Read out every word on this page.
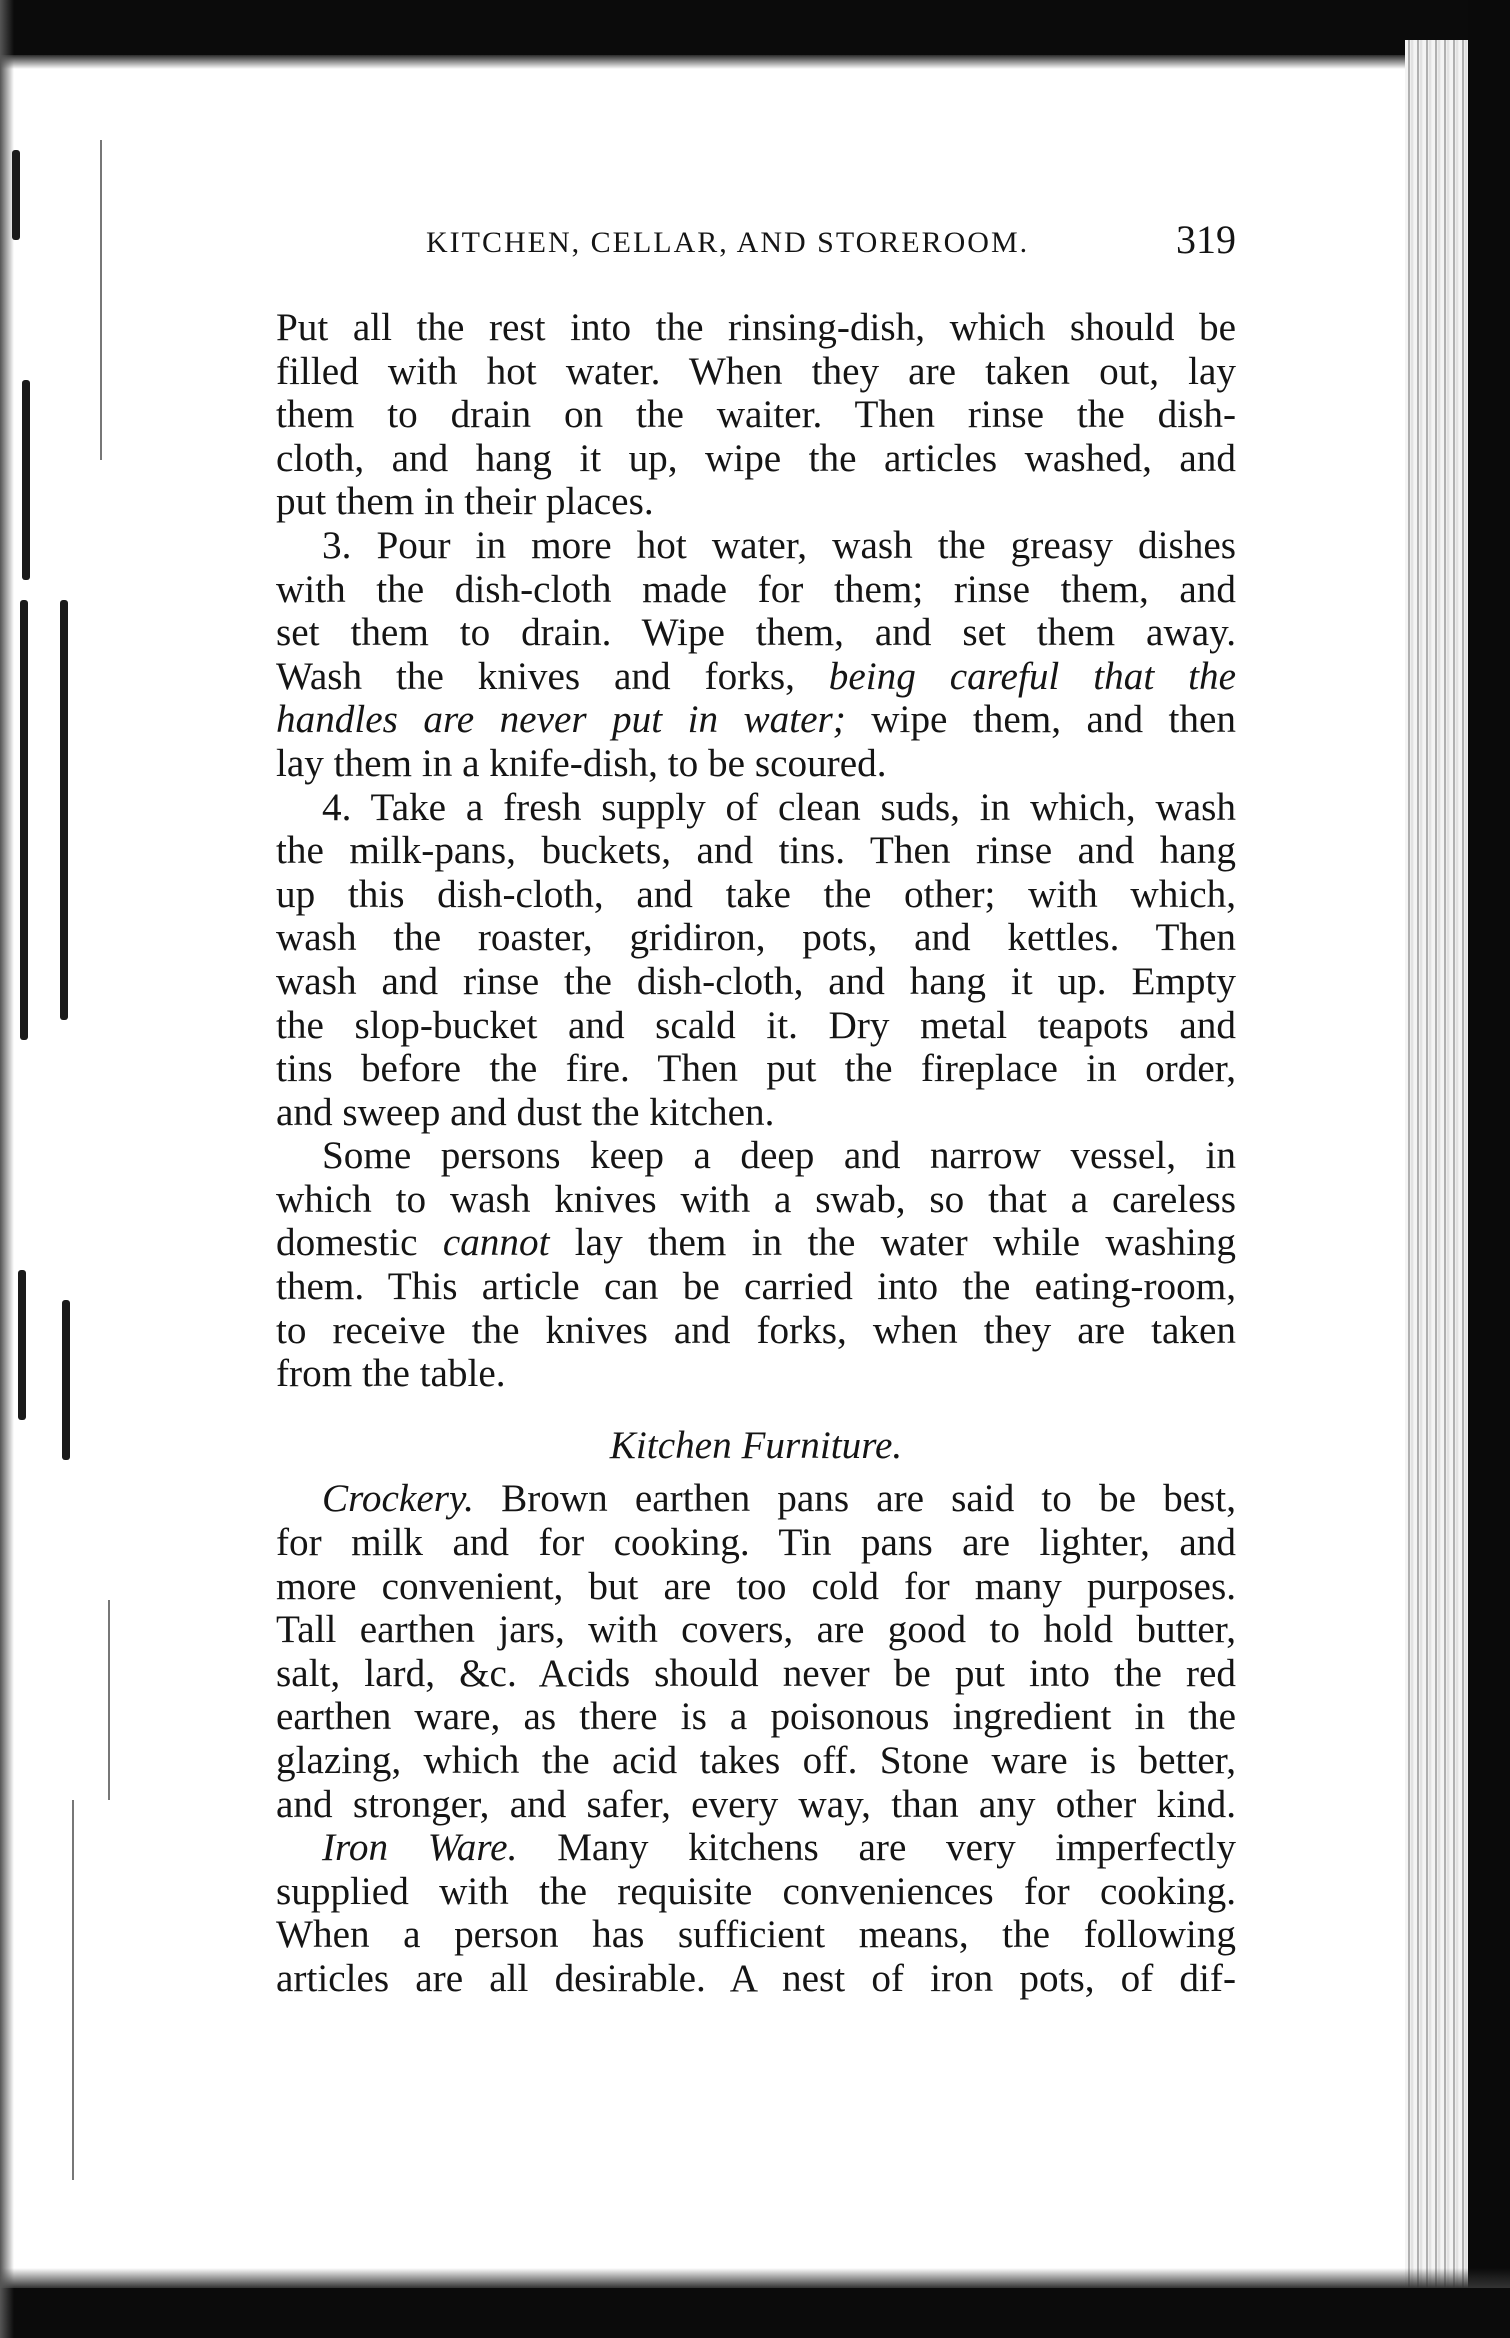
KITCHEN, CELLAR, AND STOREROOM.	319
Put all the rest into the rinsing-dish, which should be
filled with hot water. When they are taken out, lay
them to drain on the waiter. Then rinse the dish-
cloth, and hang it up, wipe the articles washed, and
put them in their places.
3. Pour in more hot water, wash the greasy dishes
with the dish-cloth made for them; rinse them, and
set them to drain. Wipe them, and set them away.
Wash the knives and forks, being careful that the
handles are never put in water; wipe them, and then
lay them in a knife-dish, to be scoured.
4. Take a fresh supply of clean suds, in which, wash
the milk-pans, buckets, and tins. Then rinse and hang
up this dish-cloth, and take the other; with which,
wash the roaster, gridiron, pots, and kettles. Then
wash and rinse the dish-cloth, and hang it up. Empty
the slop-bucket and scald it. Dry metal teapots and
tins before the fire. Then put the fireplace in order,
and sweep and dust the kitchen.
Some persons keep a deep and narrow vessel, in
which to wash knives with a swab, so that a careless
domestic cannot lay them in the water while washing
them. This article can be carried into the eating-room,
to receive the knives and forks, when they are taken
from the table.
Kitchen Furniture.
Crockery. Brown earthen pans are said to be best,
for milk and for cooking. Tin pans are lighter, and
more convenient, but are too cold for many purposes.
Tall earthen jars, with covers, are good to hold butter,
salt, lard, &c. Acids should never be put into the red
earthen ware, as there is a poisonous ingredient in the
glazing, which the acid takes off. Stone ware is better,
and stronger, and safer, every way, than any other kind.
Iron Ware. Many kitchens are very imperfectly
supplied with the requisite conveniences for cooking.
When a person has sufficient means, the following
articles are all desirable. A nest of iron pots, of dif-
